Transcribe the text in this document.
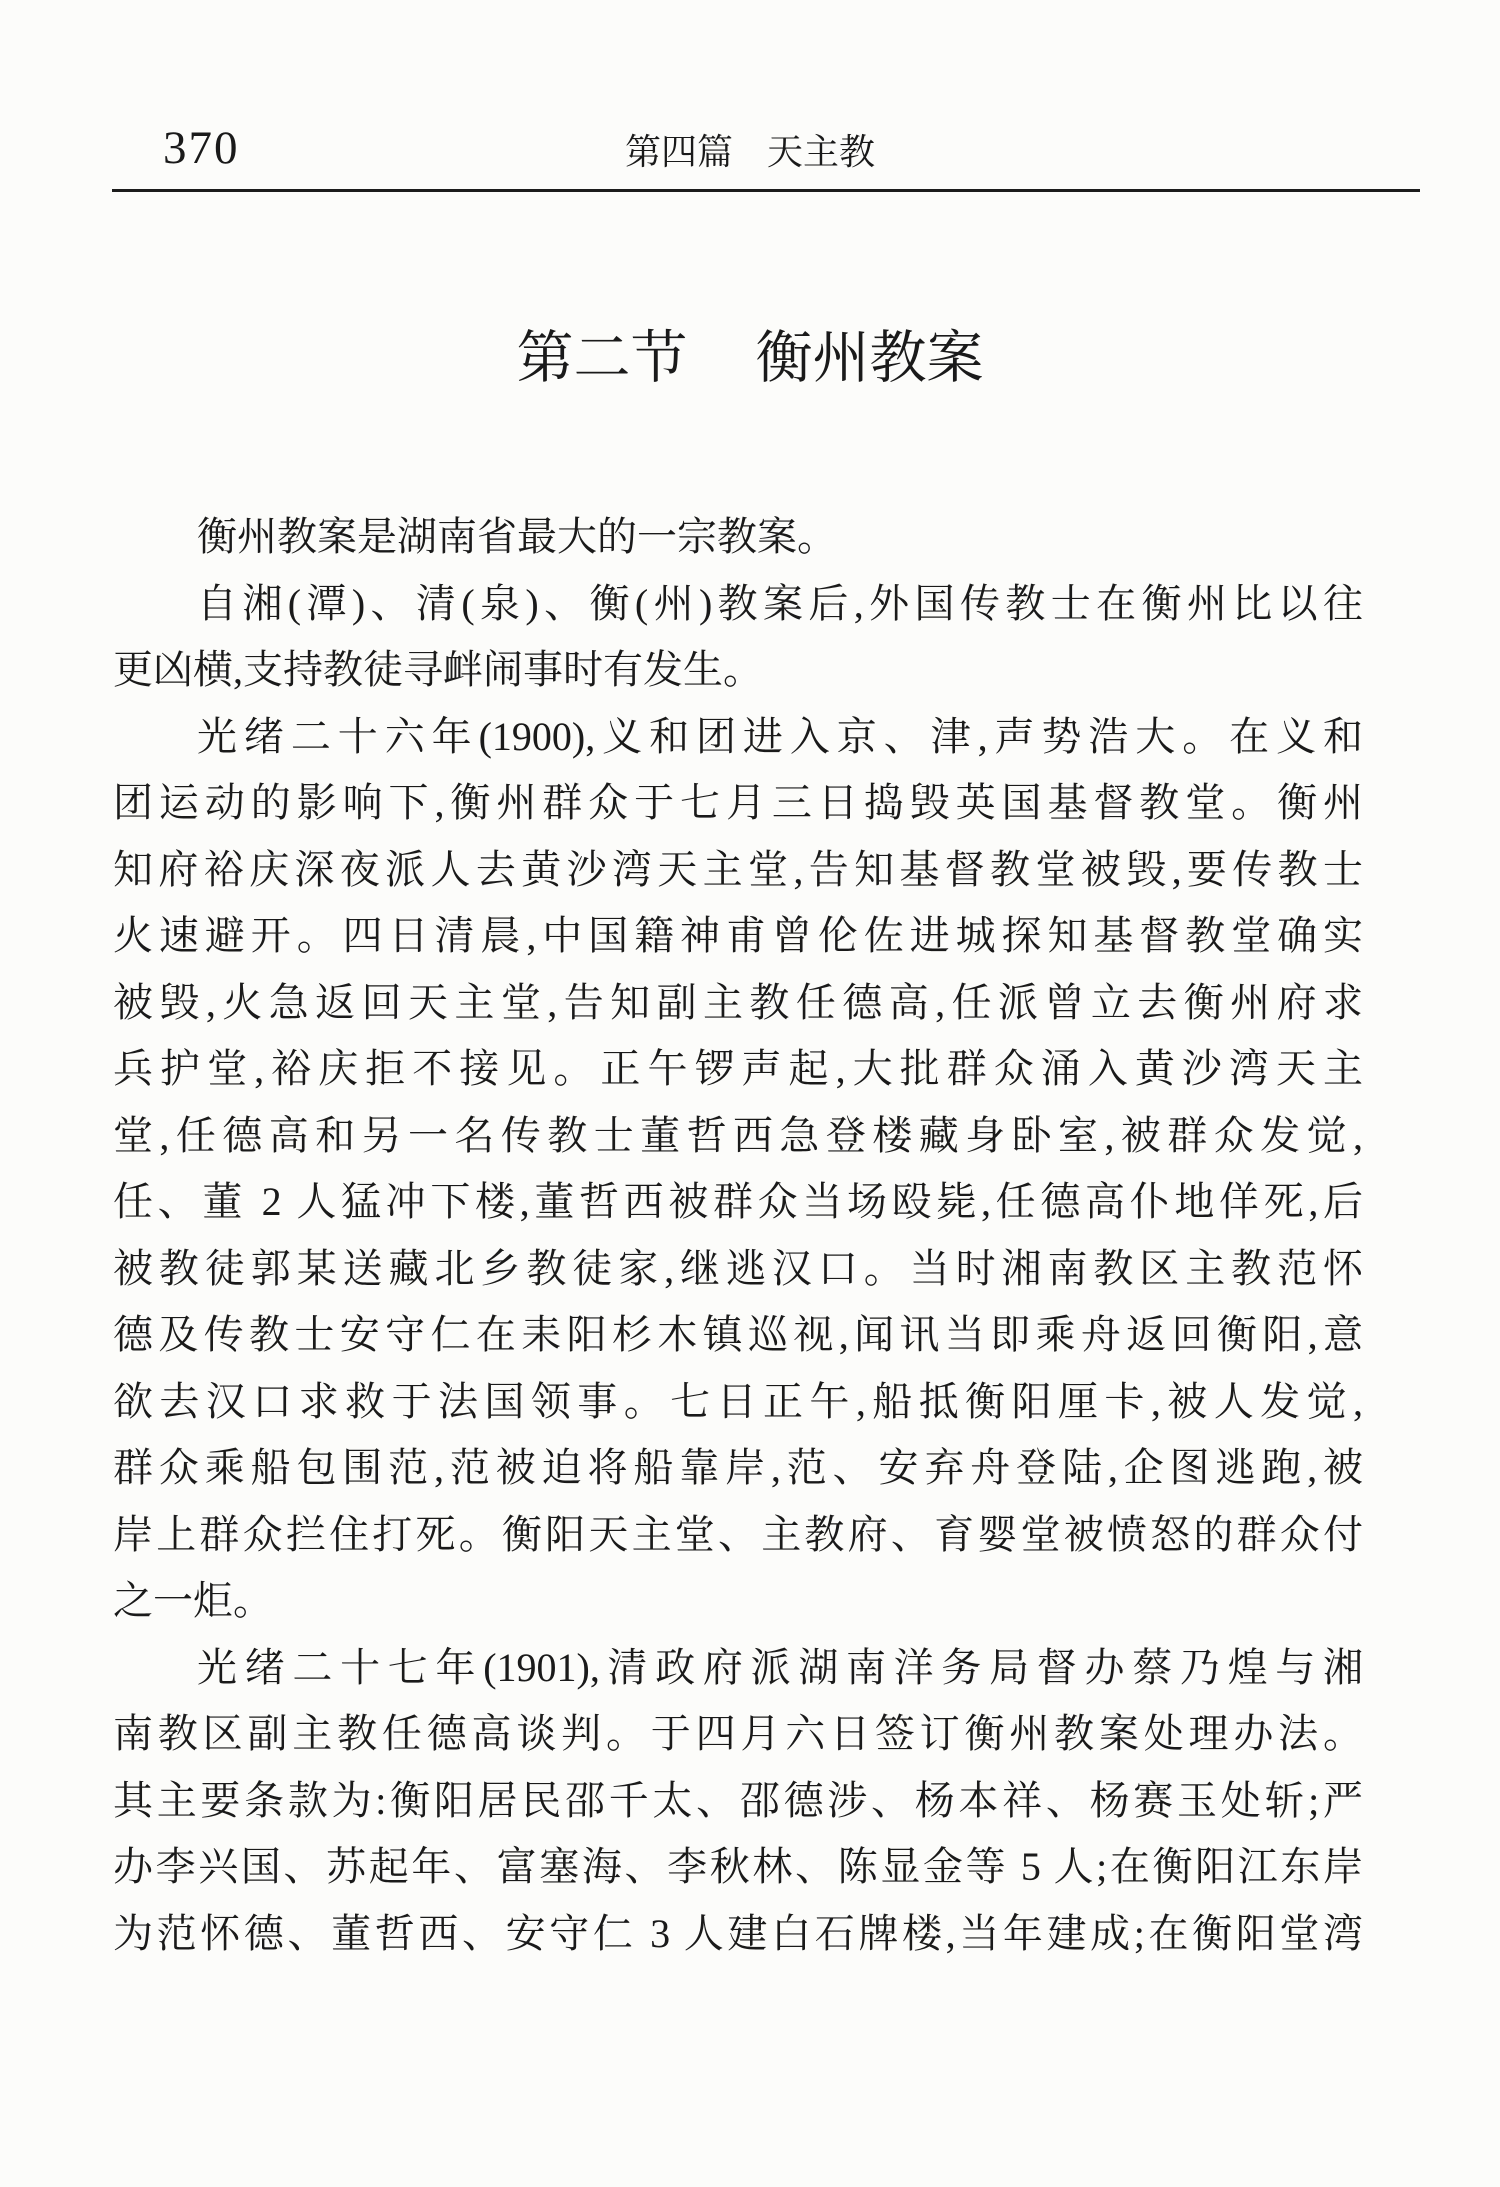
370	第四篇 天主教
第二节 衡州教案
衡州教案是湖南省最大的一宗教案。
自湘(潭)、清(泉)、衡(州)教案后,外国传教士在衡州比以往
更凶横,支持教徒寻衅闹事时有发生。
光绪二十六年(1900),义和团进入京、津,声势浩大。在义和
团运动的影响下,衡州群众于七月三日捣毁英国基督教堂。衡州
知府裕庆深夜派人去黄沙湾天主堂,告知基督教堂被毁,要传教士
火速避开。四日清晨,中国籍神甫曾伦佐进城探知基督教堂确实
被毁,火急返回天主堂,告知副主教任德高,任派曾立去衡州府求
兵护堂,裕庆拒不接见。正午锣声起,大批群众涌入黄沙湾天主
堂,任德高和另一名传教士董哲西急登楼藏身卧室,被群众发觉,
任、董 2 人猛冲下楼,董哲西被群众当场殴毙,任德高仆地佯死,后
被教徒郭某送藏北乡教徒家,继逃汉口。当时湘南教区主教范怀
德及传教士安守仁在耒阳杉木镇巡视,闻讯当即乘舟返回衡阳,意
欲去汉口求救于法国领事。七日正午,船抵衡阳厘卡,被人发觉,
群众乘船包围范,范被迫将船靠岸,范、安弃舟登陆,企图逃跑,被
岸上群众拦住打死。衡阳天主堂、主教府、育婴堂被愤怒的群众付
之一炬。
光绪二十七年(1901),清政府派湖南洋务局督办蔡乃煌与湘
南教区副主教任德高谈判。于四月六日签订衡州教案处理办法。
其主要条款为:衡阳居民邵千太、邵德涉、杨本祥、杨赛玉处斩;严
办李兴国、苏起年、富塞海、李秋林、陈显金等 5 人;在衡阳江东岸
为范怀德、董哲西、安守仁 3 人建白石牌楼,当年建成;在衡阳堂湾
